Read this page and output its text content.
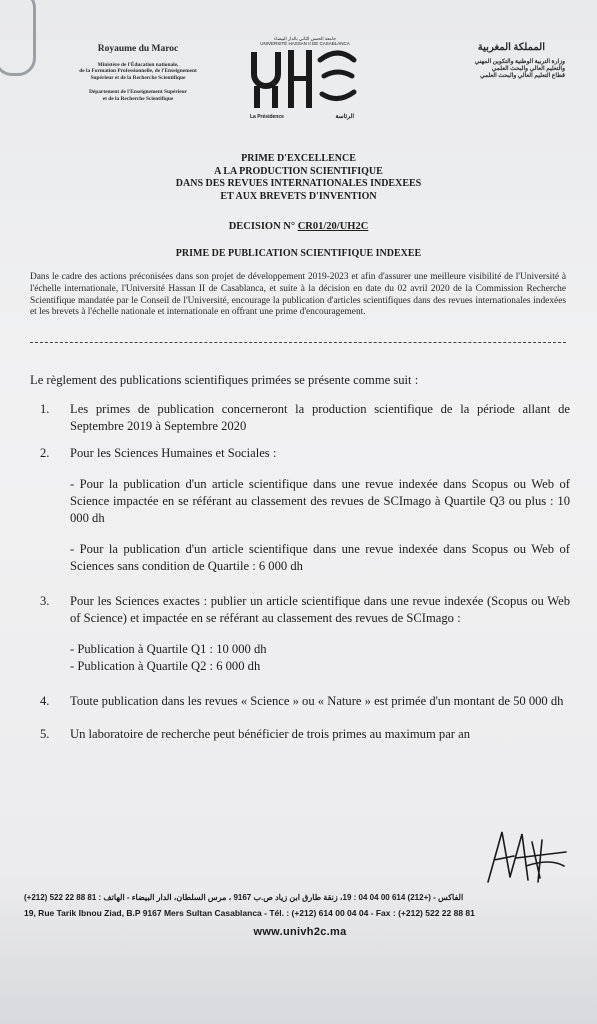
Royaume du Maroc
Ministère de l'Éducation nationale,
de la Formation Professionnelle, de l'Enseignement
Supérieur et de la Recherche Scientifique
Département de l'Enseignement Supérieur
et de la Recherche Scientifique
جامعة الحسن الثاني بالدار البيضاء
UNIVERSITÉ HASSAN II DE CASABLANCA
La Présidence	الرئاسة
المملكة المغربية
وزارة التربية الوطنية والتكوين المهني
والتعليم العالي والبحث العلمي
قطاع التعليم العالي والبحث العلمي
PRIME D'EXCELLENCE
A LA PRODUCTION SCIENTIFIQUE
DANS DES REVUES INTERNATIONALES INDEXEES
ET AUX BREVETS D'INVENTION
DECISION N° CR01/20/UH2C
PRIME DE PUBLICATION SCIENTIFIQUE INDEXEE
Dans le cadre des actions préconisées dans son projet de développement 2019-2023 et afin d'assurer une meilleure visibilité de l'Université à l'échelle internationale, l'Université Hassan II de Casablanca, et suite à la décision en date du 02 avril 2020 de la Commission Recherche Scientifique mandatée par le Conseil de l'Université, encourage la publication d'articles scientifiques dans des revues internationales indexées et les brevets à l'échelle nationale et internationale en offrant une prime d'encouragement.
Le règlement des publications scientifiques primées se présente comme suit :
1. Les primes de publication concerneront la production scientifique de la période allant de Septembre 2019 à Septembre 2020
2. Pour les Sciences Humaines et Sociales :
- Pour la publication d'un article scientifique dans une revue indexée dans Scopus ou Web of Science impactée en se référant au classement des revues de SCImago à Quartile Q3 ou plus : 10 000 dh
- Pour la publication d'un article scientifique dans une revue indexée dans Scopus ou Web of Sciences sans condition de Quartile : 6 000 dh
3. Pour les Sciences exactes : publier un article scientifique dans une revue indexée (Scopus ou Web of Science) et impactée en se référant au classement des revues de SCImago :
- Publication à Quartile Q1 : 10 000 dh
- Publication à Quartile Q2 : 6 000 dh
4. Toute publication dans les revues « Science » ou « Nature » est primée d'un montant de 50 000 dh
5. Un laboratoire de recherche peut bénéficier de trois primes au maximum par an
(+212) 522 22 88 81 : الفاكس - (+212) 614 00 04 04 : 19، زنقة طارق ابن زياد ص.ب 9167 ، مرس السلطان، الدار البيضاء - الهاتف
19, Rue Tarik Ibnou Ziad, B.P 9167 Mers Sultan Casablanca - Tél. : (+212) 614 00 04 04 - Fax : (+212) 522 22 88 81
www.univh2c.ma
